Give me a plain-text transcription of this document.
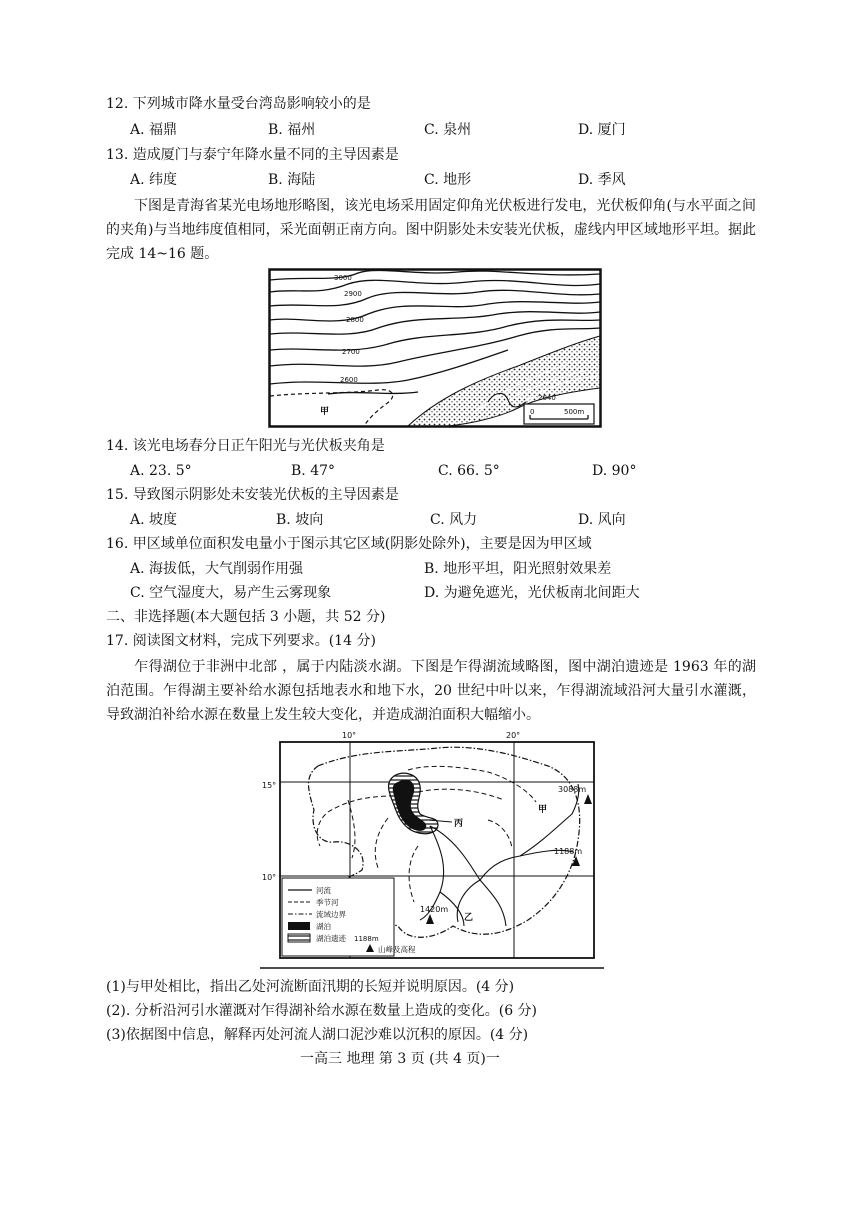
12. 下列城市降水量受台湾岛影响较小的是
A. 福鼎	B. 福州	C. 泉州	D. 厦门
13. 造成厦门与泰宁年降水量不同的主导因素是
A. 纬度	B. 海陆	C. 地形	D. 季风
下图是青海省某光电场地形略图，该光电场采用固定仰角光伏板进行发电，光伏板仰角(与水平面之间的夹角)与当地纬度值相同，采光面朝正南方向。图中阴影处未安装光伏板，虚线内甲区域地形平坦。据此完成 14~16 题。
3000
2900
2800
2700
2600
甲
2640
0	500m
14. 该光电场春分日正午阳光与光伏板夹角是
A. 23. 5°	B. 47°	C. 66. 5°	D. 90°
15. 导致图示阴影处未安装光伏板的主导因素是
A. 坡度	B. 坡向	C. 风力	D. 风向
16. 甲区域单位面积发电量小于图示其它区域(阴影处除外)，主要是因为甲区域
A. 海拔低，大气削弱作用强	B. 地形平坦，阳光照射效果差
C. 空气湿度大，易产生云雾现象	D. 为避免遮光，光伏板南北间距大
二、非选择题(本大题包括 3 小题，共 52 分)
17. 阅读图文材料，完成下列要求。(14 分)
乍得湖位于非洲中北部 ，属于内陆淡水湖。下图是乍得湖流域略图，图中湖泊遗迹是 1963 年的湖泊范围。乍得湖主要补给水源包括地表水和地下水，20 世纪中叶以来，乍得湖流域沿河大量引水灌溉，导致湖泊补给水源在数量上发生较大变化，并造成湖泊面积大幅缩小。
10°	20°
15°
10°
丙
甲
乙
3088m
1188m
1420m
河流
季节河
流域边界
湖泊
湖泊遗迹 1188m
山峰及高程
(1)与甲处相比，指出乙处河流断面汛期的长短并说明原因。(4 分)
(2). 分析沿河引水灌溉对乍得湖补给水源在数量上造成的变化。(6 分)
(3)依据图中信息，解释丙处河流人湖口泥沙难以沉积的原因。(4 分)
一高三 地理 第 3 页 (共 4 页)一
